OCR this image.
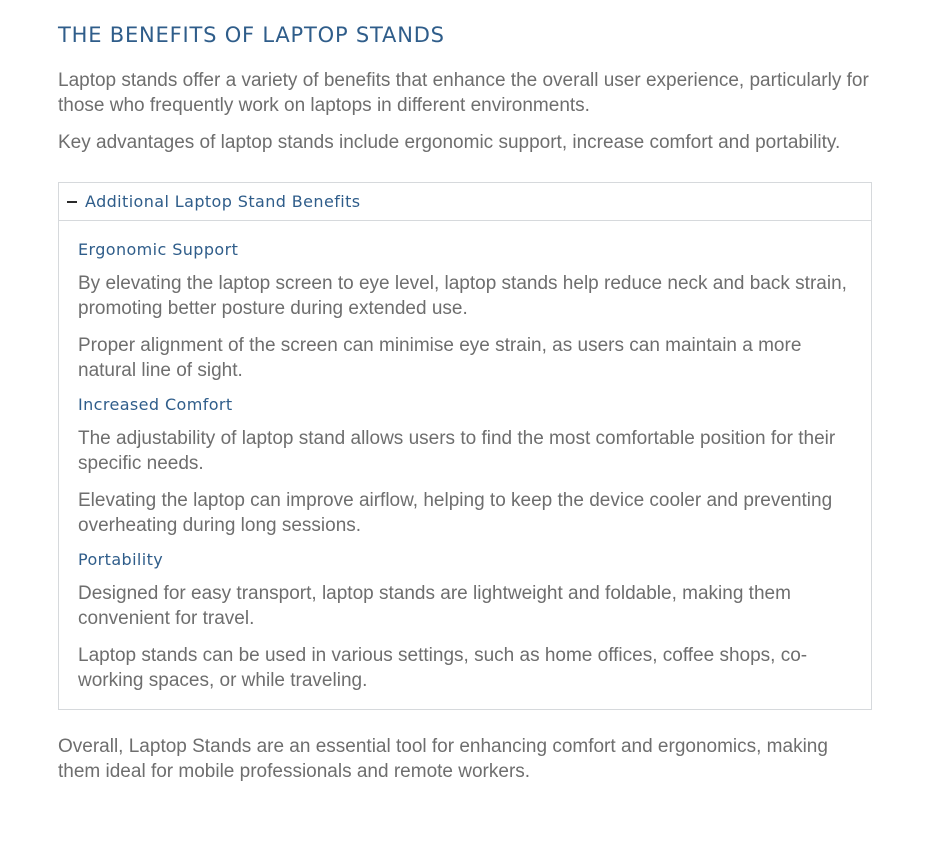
THE BENEFITS OF LAPTOP STANDS

Laptop stands offer a variety of benefits that enhance the overall user experience, particularly for those who frequently work on laptops in different environments.

Key advantages of laptop stands include ergonomic support, increase comfort and portability.

Additional Laptop Stand Benefits
Ergonomic Support

By elevating the laptop screen to eye level, laptop stands help reduce neck and back strain, promoting better posture during extended use.

Proper alignment of the screen can minimise eye strain, as users can maintain a more natural line of sight.

Increased Comfort

The adjustability of laptop stand allows users to find the most comfortable position for their specific needs.

Elevating the laptop can improve airflow, helping to keep the device cooler and preventing overheating during long sessions.

Portability

Designed for easy transport, laptop stands are lightweight and foldable, making them convenient for travel.

Laptop stands can be used in various settings, such as home offices, coffee shops, co-working spaces, or while traveling.

Overall, Laptop Stands are an essential tool for enhancing comfort and ergonomics, making them ideal for mobile professionals and remote workers.
